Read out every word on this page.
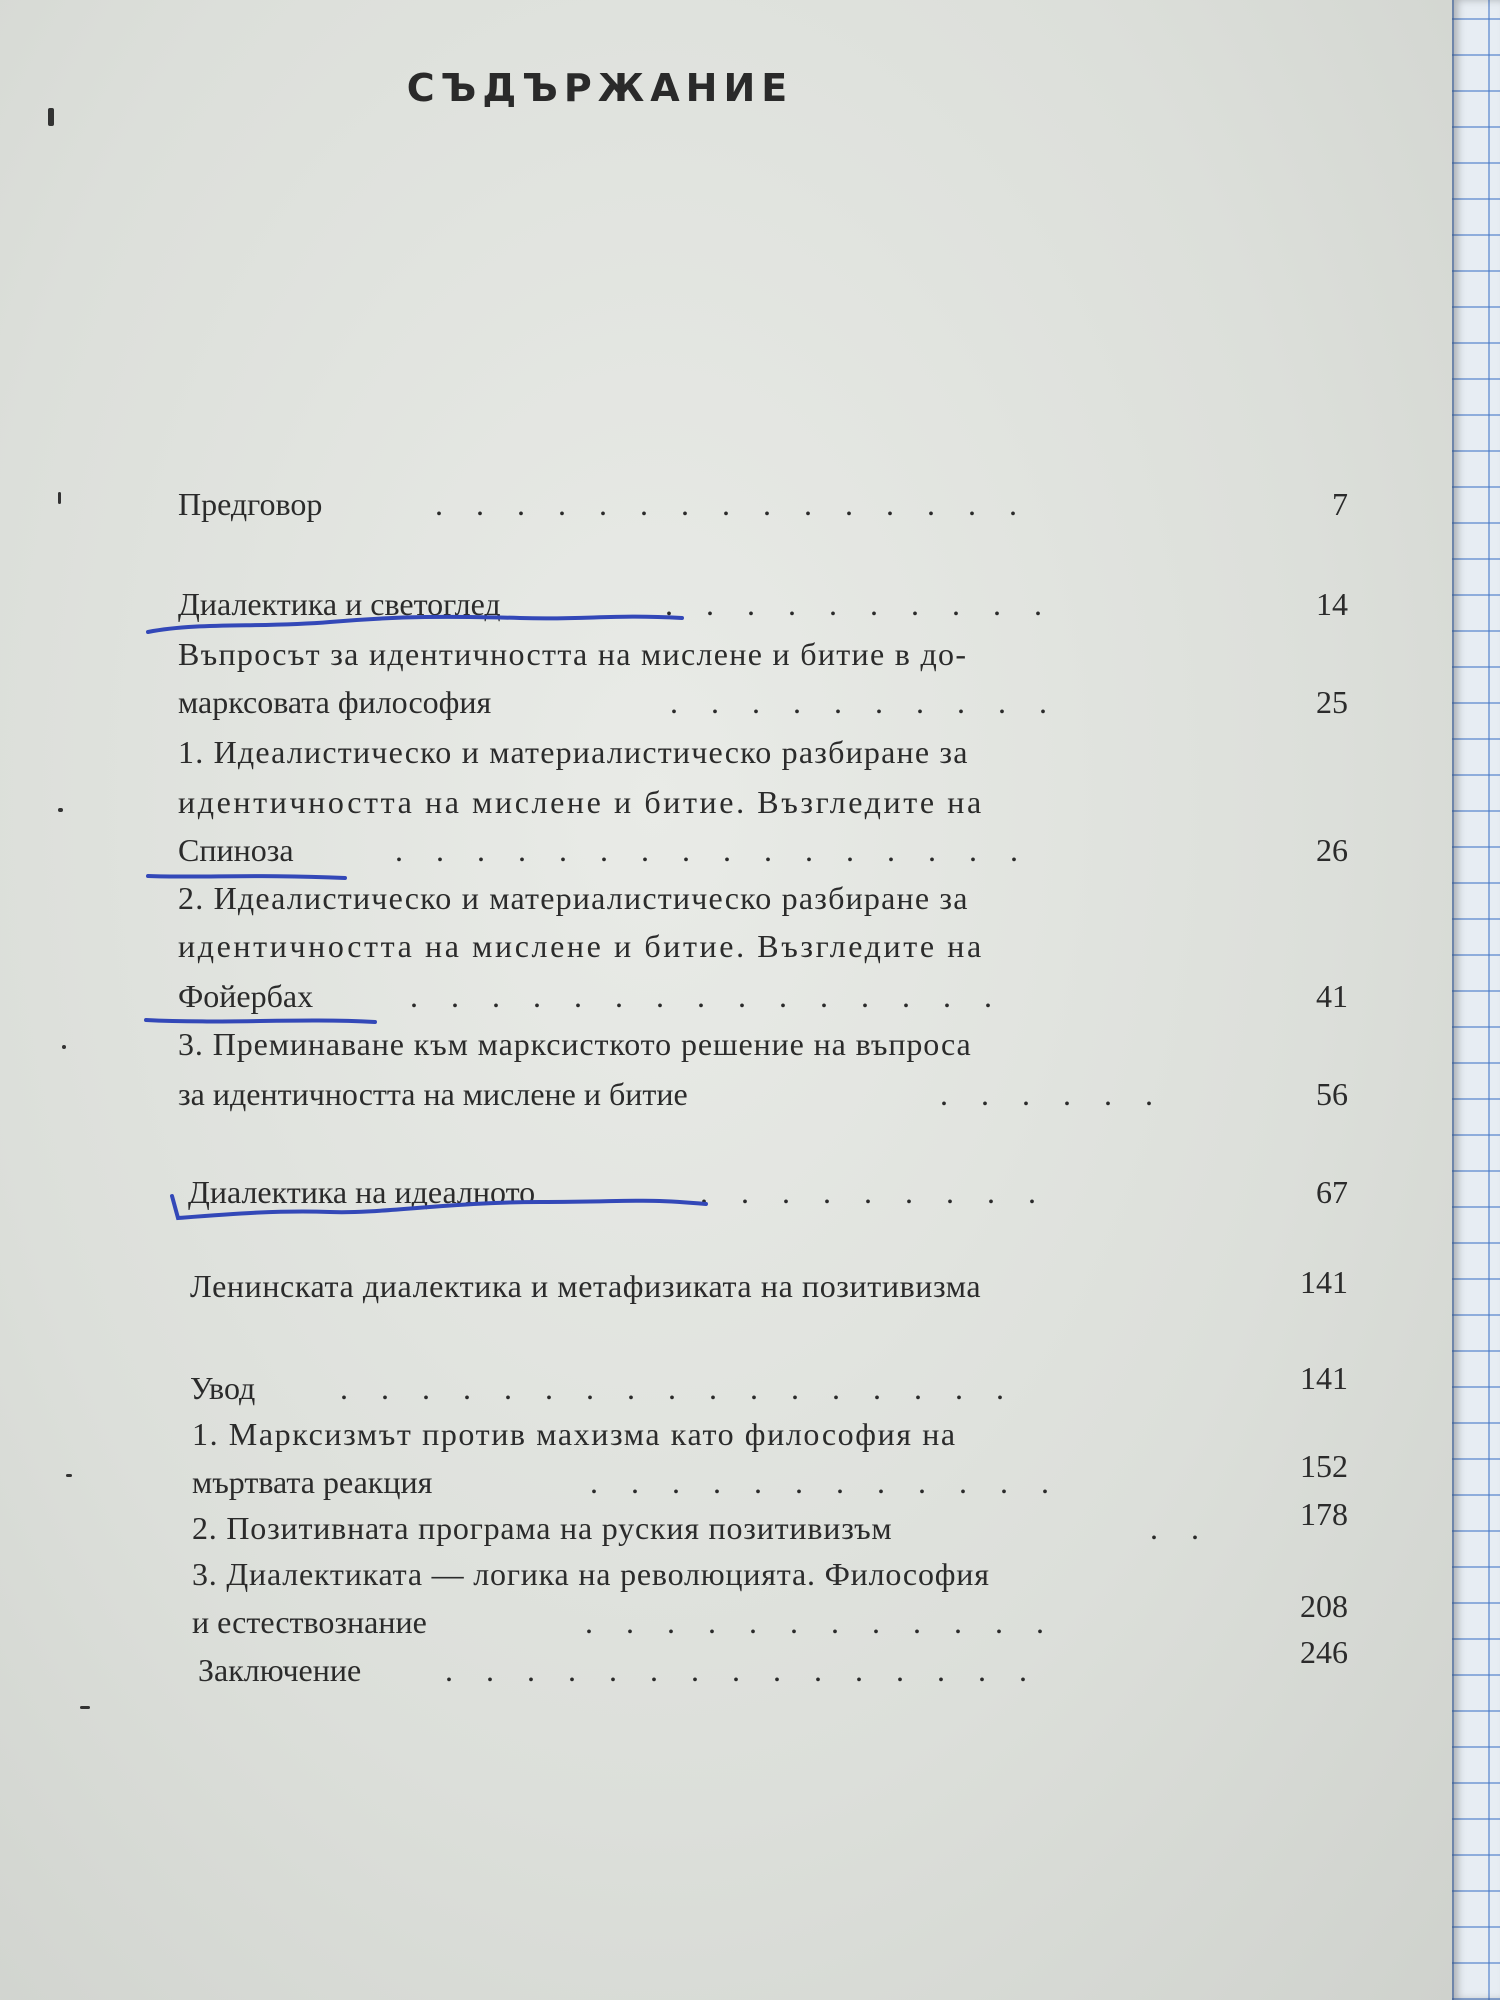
СЪДЪРЖАНИЕ
Предговор	...............	7
Диалектика и светоглед	..........	14
Въпросът за идентичността на мислене и битие в до-
марксовата философия	..........	25
1. Идеалистическо и материалистическо разбиране за
идентичността на мислене и битие. Възгледите на
Спиноза	................	26
2. Идеалистическо и материалистическо разбиране за
идентичността на мислене и битие. Възгледите на
Фойербах	...............	41
3. Преминаване към марксисткото решение на въпроса
за идентичността на мислене и битие	......	56
Диалектика на идеалното	.........	67
Ленинската диалектика и метафизиката на позитивизма	141
Увод	.................	141
1. Марксизмът против махизма като философия на
мъртвата реакция	............	152
2. Позитивната програма на руския позитивизъм	..	178
3. Диалектиката — логика на революцията. Философия
и естествознание	............	208
Заключение	...............	246
